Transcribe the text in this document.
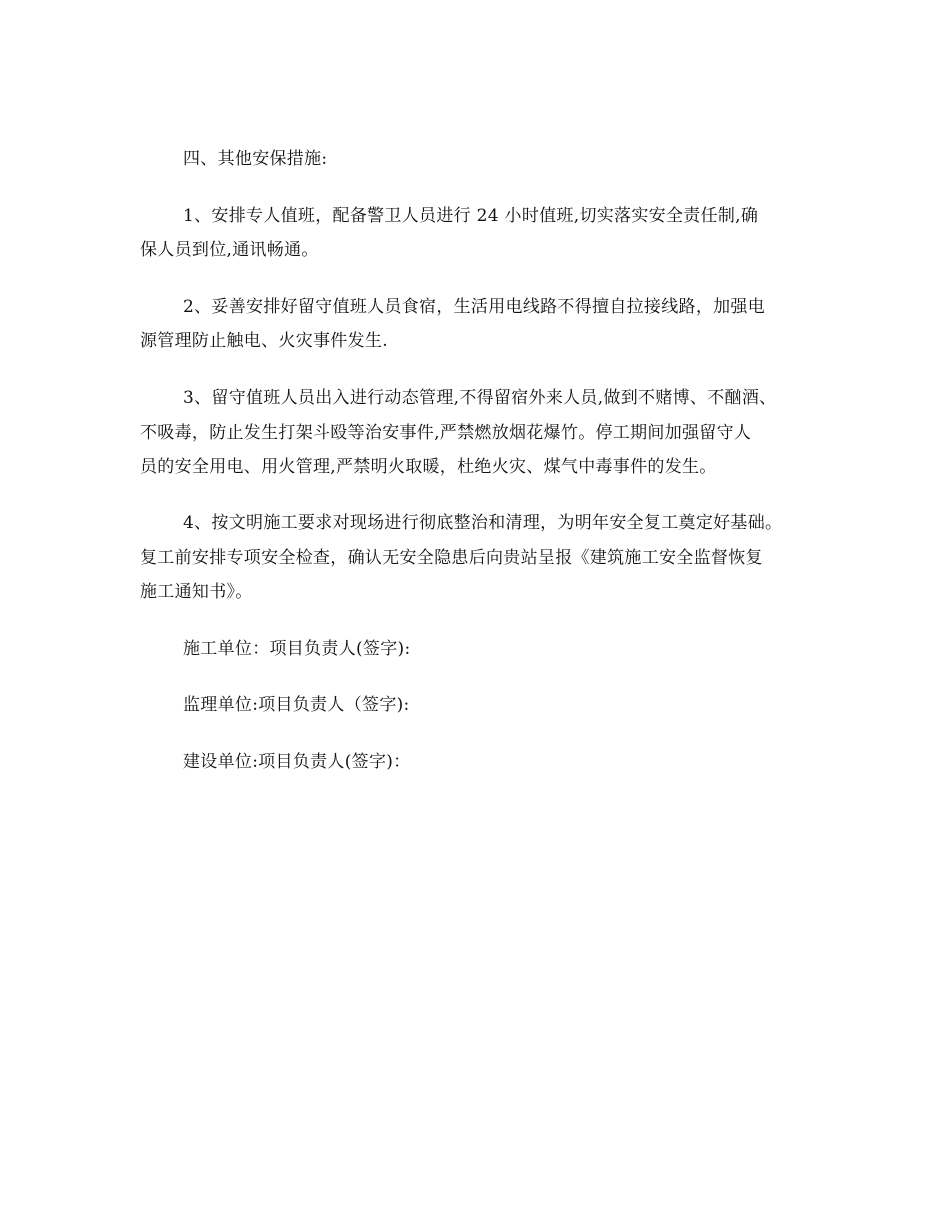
四、其他安保措施:
1、安排专人值班，配备警卫人员进行 24 小时值班,切实落实安全责任制,确
保人员到位,通讯畅通。
2、妥善安排好留守值班人员食宿，生活用电线路不得擅自拉接线路，加强电
源管理防止触电、火灾事件发生.
3、留守值班人员出入进行动态管理,不得留宿外来人员,做到不赌博、不酗酒、
不吸毒，防止发生打架斗殴等治安事件,严禁燃放烟花爆竹。停工期间加强留守人
员的安全用电、用火管理,严禁明火取暖，杜绝火灾、煤气中毒事件的发生。
4、按文明施工要求对现场进行彻底整治和清理，为明年安全复工奠定好基础。
复工前安排专项安全检查，确认无安全隐患后向贵站呈报《建筑施工安全监督恢复
施工通知书》。
施工单位：项目负责人(签字):
监理单位:项目负责人（签字):
建设单位:项目负责人(签字)：
